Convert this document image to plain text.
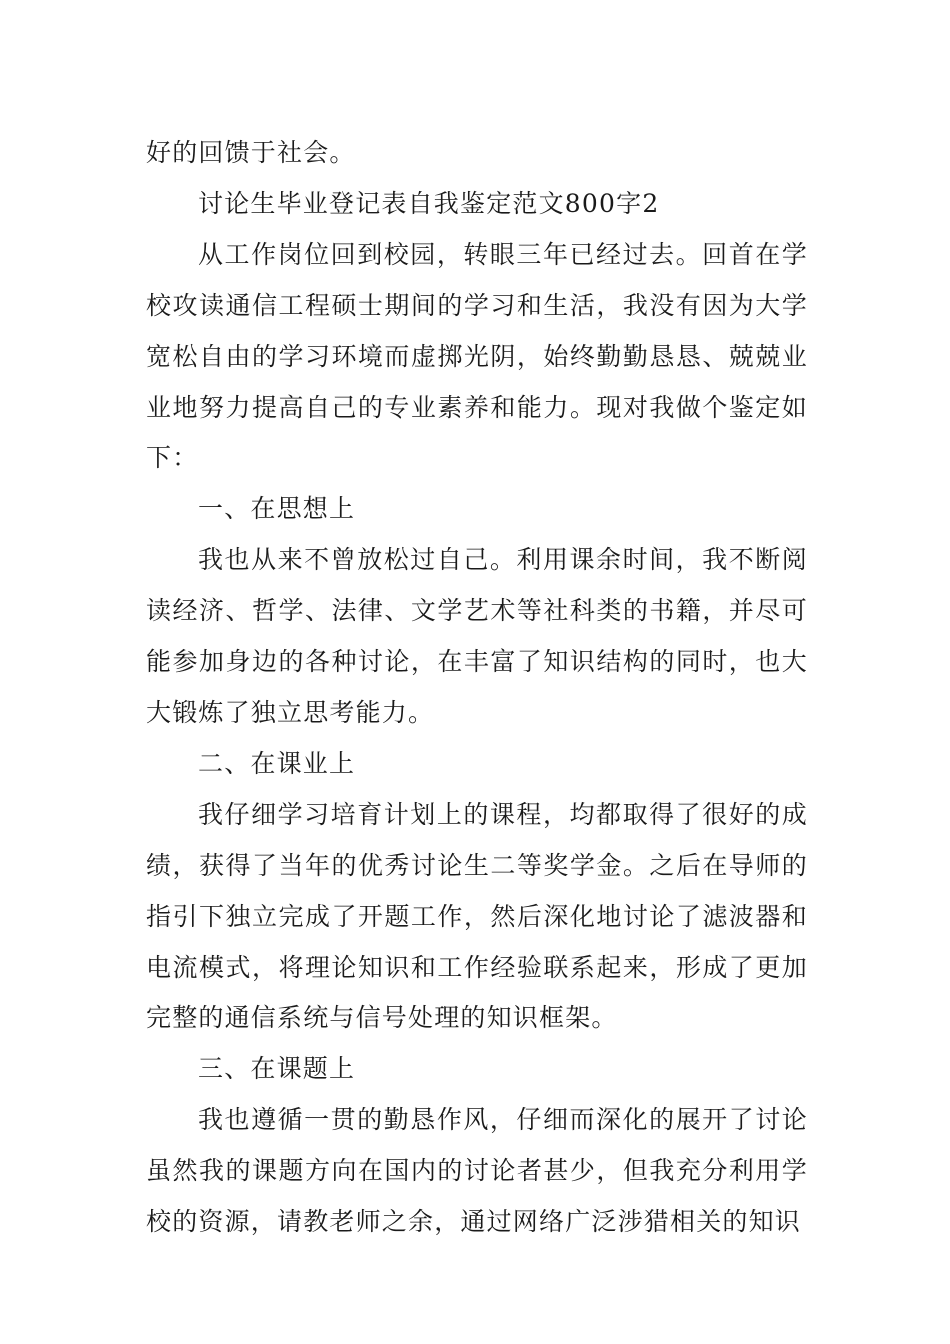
好的回馈于社会。

讨论生毕业登记表自我鉴定范文800字2

从工作岗位回到校园，转眼三年已经过去。回首在学校攻读通信工程硕士期间的学习和生活，我没有因为大学宽松自由的学习环境而虚掷光阴，始终勤勤恳恳、兢兢业业地努力提高自己的专业素养和能力。现对我做个鉴定如下：

一、在思想上

我也从来不曾放松过自己。利用课余时间，我不断阅读经济、哲学、法律、文学艺术等社科类的书籍，并尽可能参加身边的各种讨论，在丰富了知识结构的同时，也大大锻炼了独立思考能力。

二、在课业上

我仔细学习培育计划上的课程，均都取得了很好的成绩，获得了当年的优秀讨论生二等奖学金。之后在导师的指引下独立完成了开题工作，然后深化地讨论了滤波器和电流模式，将理论知识和工作经验联系起来，形成了更加完整的通信系统与信号处理的知识框架。

三、在课题上

我也遵循一贯的勤恳作风，仔细而深化的展开了讨论虽然我的课题方向在国内的讨论者甚少，但我充分利用学校的资源，请教老师之余，通过网络广泛涉猎相关的知识
